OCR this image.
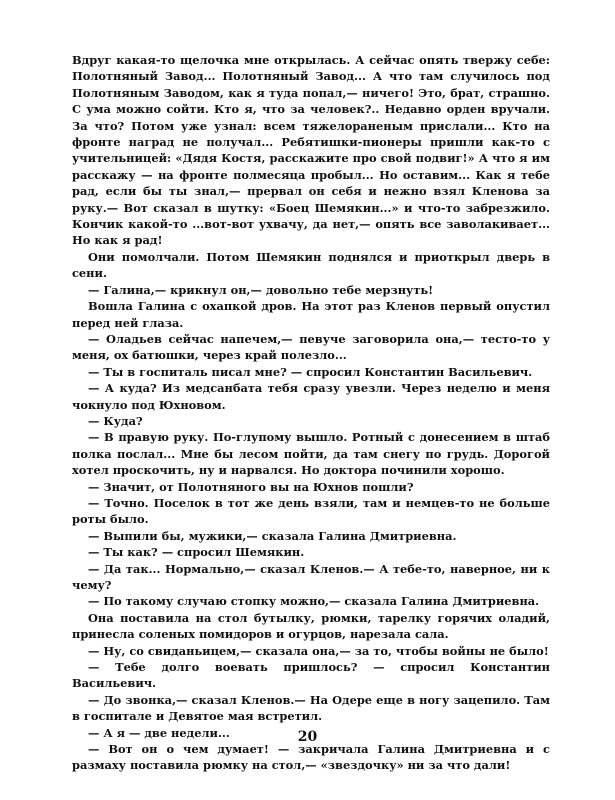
Вдруг какая-то щелочка мне открылась. А сейчас опять твержу себе: Полотняный Завод... Полотняный Завод... А что там случилось под Полотняным Заводом, как я туда попал,— ничего! Это, брат, страшно. С ума можно сойти. Кто я, что за человек?.. Недавно орден вручали. За что? Потом уже узнал: всем тяжелораненым прислали... Кто на фронте наград не получал... Ребятишки-пионеры пришли как-то с учительницей: «Дядя Костя, расскажите про свой подвиг!» А что я им расскажу — на фронте полмесяца пробыл... Но оставим... Как я тебе рад, если бы ты знал,— прервал он себя и нежно взял Кленова за руку.— Вот сказал в шутку: «Боец Шемякин...» и что-то забрезжило. Кончик какой-то ...вот-вот ухвачу, да нет,— опять все заволакивает... Но как я рад!

Они помолчали. Потом Шемякин поднялся и приоткрыл дверь в сени.

— Галина,— крикнул он,— довольно тебе мерзнуть!

Вошла Галина с охапкой дров. На этот раз Кленов первый опустил перед ней глаза.

— Оладьев сейчас напечем,— певуче заговорила она,— тесто-то у меня, ох батюшки, через край полезло...

— Ты в госпиталь писал мне? — спросил Константин Васильевич.

— А куда? Из медсанбата тебя сразу увезли. Через неделю и меня чокнуло под Юхновом.

— Куда?

— В правую руку. По-глупому вышло. Ротный с донесением в штаб полка послал... Мне бы лесом пойти, да там снегу по грудь. Дорогой хотел проскочить, ну и нарвался. Но доктора починили хорошо.

— Значит, от Полотняного вы на Юхнов пошли?

— Точно. Поселок в тот же день взяли, там и немцев-то не больше роты было.

— Выпили бы, мужики,— сказала Галина Дмитриевна.

— Ты как? — спросил Шемякин.

— Да так... Нормально,— сказал Кленов.— А тебе-то, наверное, ни к чему?

— По такому случаю стопку можно,— сказала Галина Дмитриевна.

Она поставила на стол бутылку, рюмки, тарелку горячих оладий, принесла соленых помидоров и огурцов, нарезала сала.

— Ну, со свиданьицем,— сказала она,— за то, чтобы войны не было!

— Тебе долго воевать пришлось? — спросил Константин Васильевич.

— До звонка,— сказал Кленов.— На Одере еще в ногу зацепило. Там в госпитале и Девятое мая встретил.

— А я — две недели...

— Вот он о чем думает! — закричала Галина Дмитриевна и с размаху поставила рюмку на стол,— «звездочку» ни за что дали!

20
